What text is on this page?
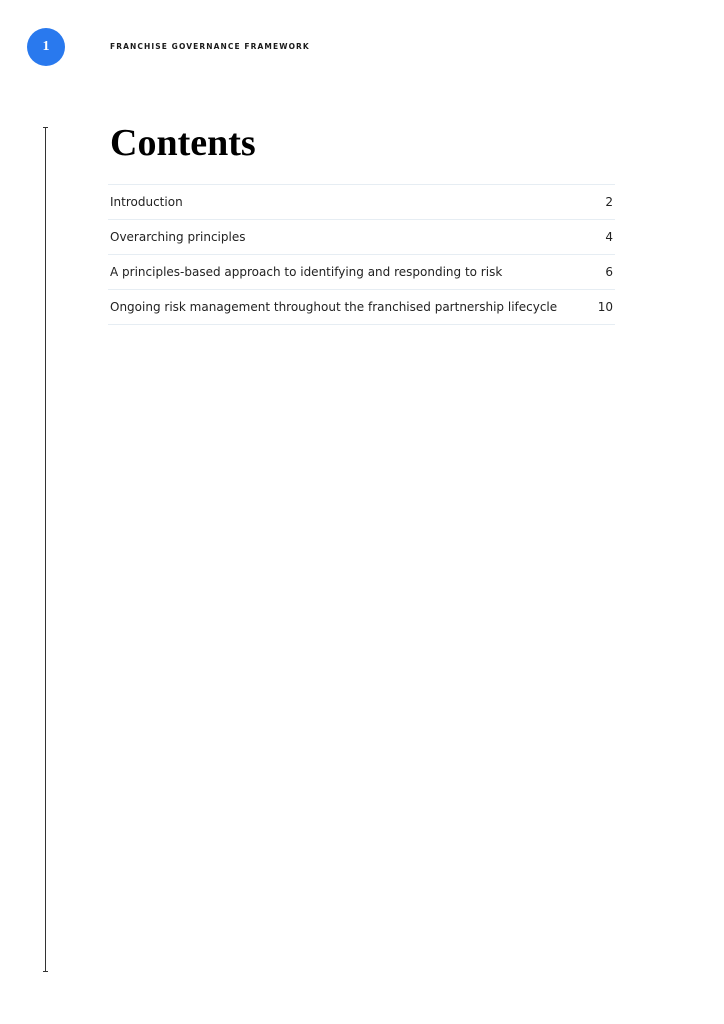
1	FRANCHISE GOVERNANCE FRAMEWORK
Contents
Introduction	2
Overarching principles	4
A principles-based approach to identifying and responding to risk	6
Ongoing risk management throughout the franchised partnership lifecycle	10
